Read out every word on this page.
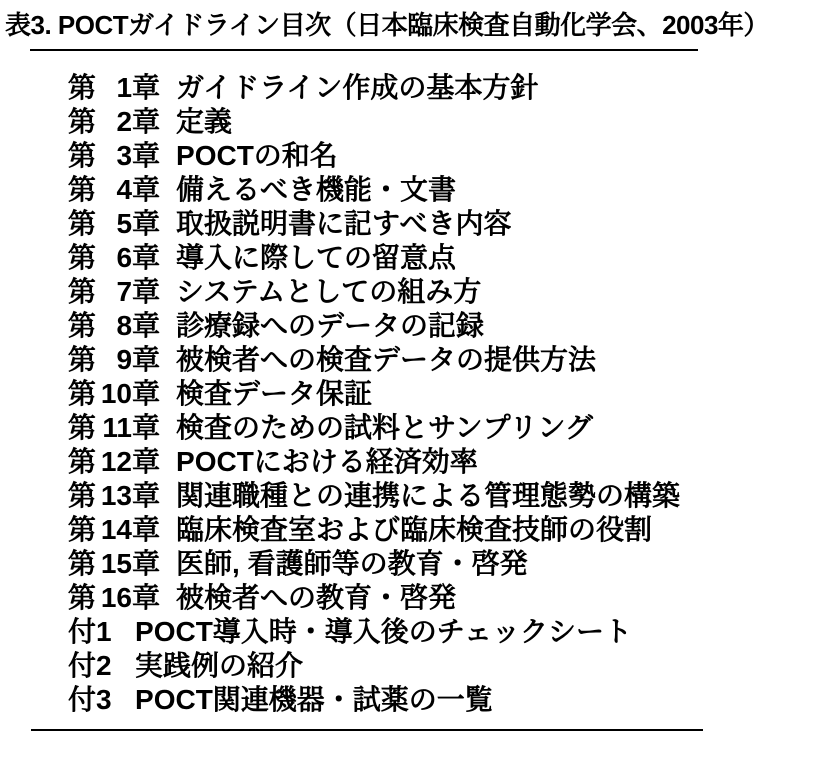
表3. POCTガイドライン目次（日本臨床検査自動化学会、2003年）
第 1章 ガイドライン作成の基本方針
第 2章 定義
第 3章 POCTの和名
第 4章 備えるべき機能・文書
第 5章 取扱説明書に記すべき内容
第 6章 導入に際しての留意点
第 7章 システムとしての組み方
第 8章 診療録へのデータの記録
第 9章 被検者への検査データの提供方法
第 10章 検査データ保証
第 11章 検査のための試料とサンプリング
第 12章 POCTにおける経済効率
第 13章 関連職種との連携による管理態勢の構築
第 14章 臨床検査室および臨床検査技師の役割
第 15章 医師, 看護師等の教育・啓発
第 16章 被検者への教育・啓発
付1 POCT導入時・導入後のチェックシート
付2 実践例の紹介
付3 POCT関連機器・試薬の一覧
